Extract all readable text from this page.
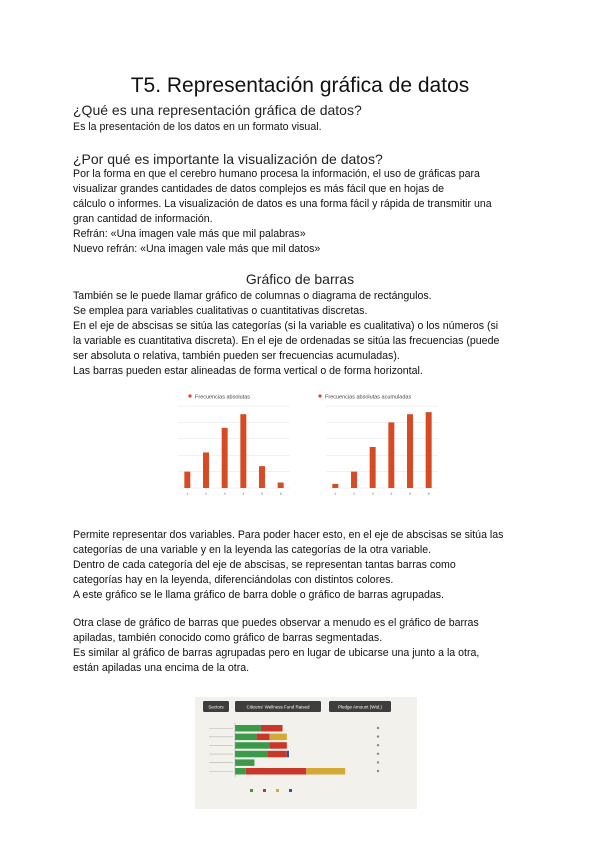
T5. Representación gráfica de datos
¿Qué es una representación gráfica de datos?
Es la presentación de los datos en un formato visual.
¿Por qué es importante la visualización de datos?
Por la forma en que el cerebro humano procesa la información, el uso de gráficas para
visualizar grandes cantidades de datos complejos es más fácil que en hojas de
cálculo o informes. La visualización de datos es una forma fácil y rápida de transmitir una
gran cantidad de información.
Refrán: «Una imagen vale más que mil palabras»
Nuevo refrán: «Una imagen vale más que mil datos»
Gráfico de barras
También se le puede llamar gráfico de columnas o diagrama de rectángulos.
Se emplea para variables cualitativas o cuantitativas discretas.
En el eje de abscisas se sitúa las categorías (si la variable es cualitativa) o los números (si
la variable es cuantitativa discreta). En el eje de ordenadas se sitúa las frecuencias (puede
ser absoluta o relativa, también pueden ser frecuencias acumuladas).
Las barras pueden estar alineadas de forma vertical o de forma horizontal.
Frecuencias absolutas
1	2	3	4	5	6
Frecuencias absolutas acumuladas
1	2	3	4	5	6
Permite representar dos variables. Para poder hacer esto, en el eje de abscisas se sitúa las
categorías de una variable y en la leyenda las categorías de la otra variable.
Dentro de cada categoría del eje de abscisas, se representan tantas barras como
categorías hay en la leyenda, diferenciándolas con distintos colores.
A este gráfico se le llama gráfico de barra doble o gráfico de barras agrupadas.
Otra clase de gráfico de barras que puedes observar a menudo es el gráfico de barras
apiladas, también conocido como gráfico de barras segmentadas.
Es similar al gráfico de barras agrupadas pero en lugar de ubicarse una junto a la otra,
están apiladas una encima de la otra.
Sectors	Citizens' Wellness Fund Raised	Pledge Amount (Wtd.)
